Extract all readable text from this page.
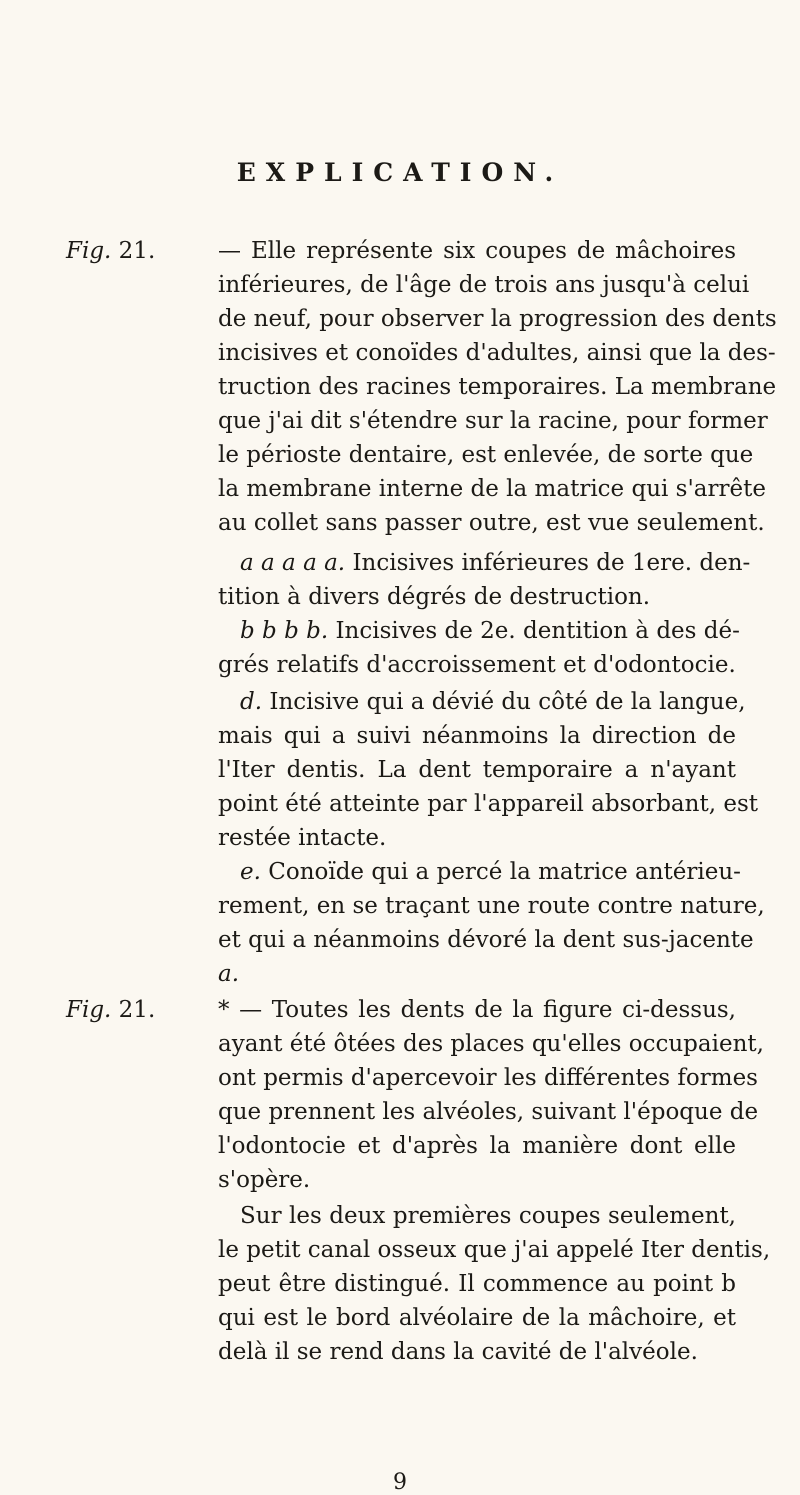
EXPLICATION.
Fig. 21.	— Elle représente six coupes de mâchoires
inférieures, de l'âge de trois ans jusqu'à celui
de neuf, pour observer la progression des dents
incisives et conoïdes d'adultes, ainsi que la des-
truction des racines temporaires. La membrane
que j'ai dit s'étendre sur la racine, pour former
le périoste dentaire, est enlevée, de sorte que
la membrane interne de la matrice qui s'arrête
au collet sans passer outre, est vue seulement.
a a a a a. Incisives inférieures de 1ere. den-
tition à divers dégrés de destruction.
b b b b. Incisives de 2e. dentition à des dé-
grés relatifs d'accroissement et d'odontocie.
d. Incisive qui a dévié du côté de la langue,
mais qui a suivi néanmoins la direction de
l'Iter dentis. La dent temporaire a n'ayant
point été atteinte par l'appareil absorbant, est
restée intacte.
e. Conoïde qui a percé la matrice antérieu-
rement, en se traçant une route contre nature,
et qui a néanmoins dévoré la dent sus-jacente
a.
Fig. 21.	* — Toutes les dents de la figure ci-dessus,
ayant été ôtées des places qu'elles occupaient,
ont permis d'apercevoir les différentes formes
que prennent les alvéoles, suivant l'époque de
l'odontocie et d'après la manière dont elle
s'opère.
Sur les deux premières coupes seulement,
le petit canal osseux que j'ai appelé Iter dentis,
peut être distingué. Il commence au point b
qui est le bord alvéolaire de la mâchoire, et
delà il se rend dans la cavité de l'alvéole.
9
